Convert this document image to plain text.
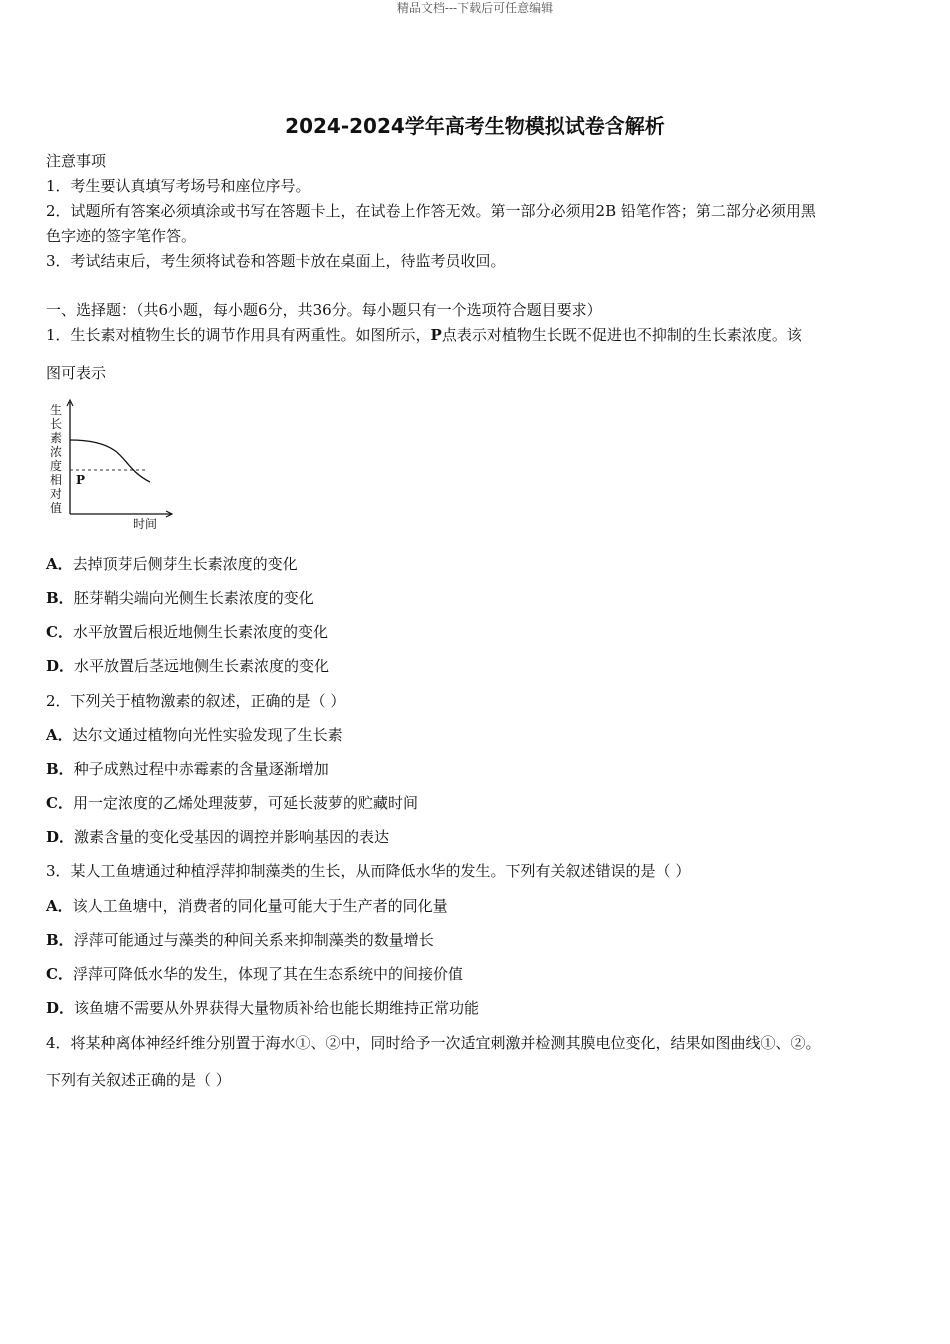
精品文档---下载后可任意编辑
2024-2024学年高考生物模拟试卷含解析
注意事项
1．考生要认真填写考场号和座位序号。
2．试题所有答案必须填涂或书写在答题卡上，在试卷上作答无效。第一部分必须用2B 铅笔作答；第二部分必须用黑
色字迹的签字笔作答。
3．考试结束后，考生须将试卷和答题卡放在桌面上，待监考员收回。
一、选择题：（共6小题，每小题6分，共36分。每小题只有一个选项符合题目要求）
1．生长素对植物生长的调节作用具有两重性。如图所示，P点表示对植物生长既不促进也不抑制的生长素浓度。该
图可表示
生
长
素
浓
度
相
对
值
P
时间
A．去掉顶芽后侧芽生长素浓度的变化
B．胚芽鞘尖端向光侧生长素浓度的变化
C．水平放置后根近地侧生长素浓度的变化
D．水平放置后茎远地侧生长素浓度的变化
2．下列关于植物激素的叙述，正确的是（ ）
A．达尔文通过植物向光性实验发现了生长素
B．种子成熟过程中赤霉素的含量逐渐增加
C．用一定浓度的乙烯处理菠萝，可延长菠萝的贮藏时间
D．激素含量的变化受基因的调控并影响基因的表达
3．某人工鱼塘通过种植浮萍抑制藻类的生长，从而降低水华的发生。下列有关叙述错误的是（ ）
A．该人工鱼塘中，消费者的同化量可能大于生产者的同化量
B．浮萍可能通过与藻类的种间关系来抑制藻类的数量增长
C．浮萍可降低水华的发生，体现了其在生态系统中的间接价值
D．该鱼塘不需要从外界获得大量物质补给也能长期维持正常功能
4．将某种离体神经纤维分别置于海水①、②中，同时给予一次适宜刺激并检测其膜电位变化，结果如图曲线①、②。
下列有关叙述正确的是（ ）
